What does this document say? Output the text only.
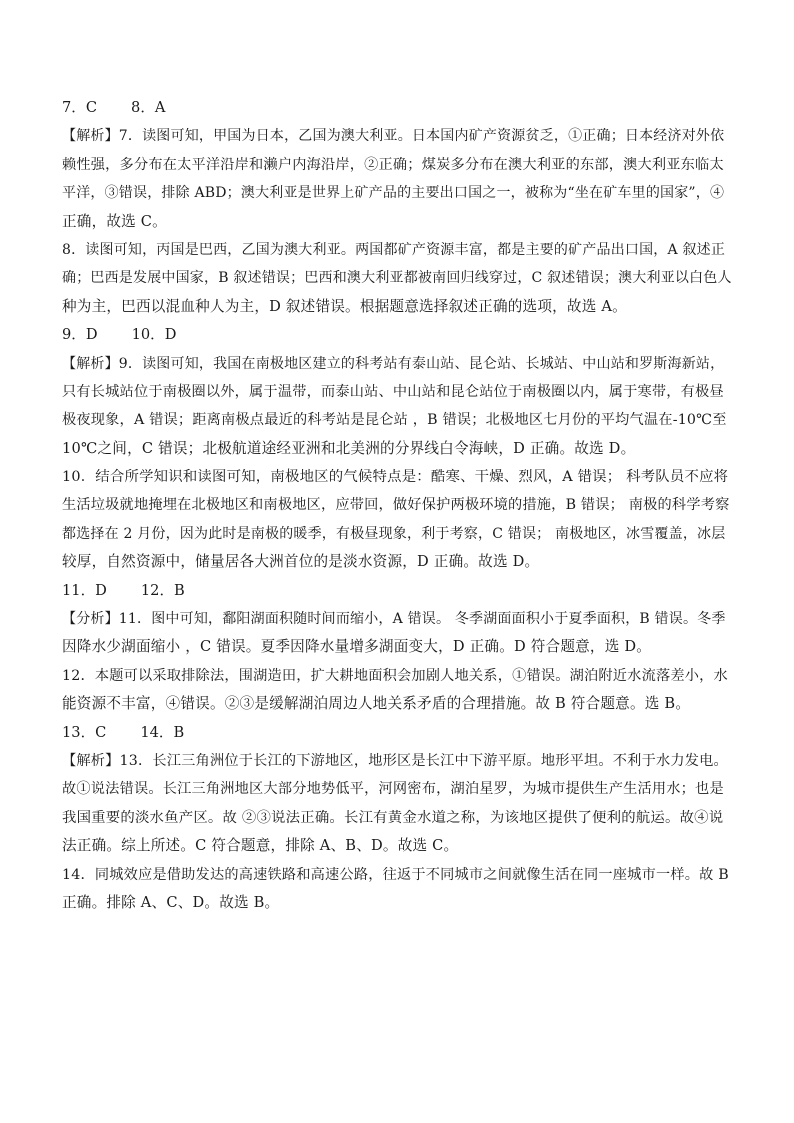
7．C 8．A
【解析】7．读图可知，甲国为日本，乙国为澳大利亚。日本国内矿产资源贫乏，①正确；日本经济对外依
赖性强，多分布在太平洋沿岸和濑户内海沿岸，②正确；煤炭多分布在澳大利亚的东部，澳大利亚东临太
平洋，③错误，排除 ABD；澳大利亚是世界上矿产品的主要出口国之一，被称为“坐在矿车里的国家”，④
正确，故选 C。
8．读图可知，丙国是巴西，乙国为澳大利亚。两国都矿产资源丰富，都是主要的矿产品出口国，A 叙述正
确；巴西是发展中国家，B 叙述错误；巴西和澳大利亚都被南回归线穿过，C 叙述错误；澳大利亚以白色人
种为主，巴西以混血种人为主，D 叙述错误。根据题意选择叙述正确的选项，故选 A。
9．D 10．D
【解析】9．读图可知，我国在南极地区建立的科考站有泰山站、昆仑站、长城站、中山站和罗斯海新站，
只有长城站位于南极圈以外，属于温带，而泰山站、中山站和昆仑站位于南极圈以内，属于寒带，有极昼
极夜现象，A 错误；距离南极点最近的科考站是昆仑站 ，B 错误；北极地区七月份的平均气温在-10℃至
10℃之间，C 错误；北极航道途经亚洲和北美洲的分界线白令海峡，D 正确。故选 D。
10．结合所学知识和读图可知，南极地区的气候特点是：酷寒、干燥、烈风，A 错误； 科考队员不应将
生活垃圾就地掩埋在北极地区和南极地区，应带回，做好保护两极环境的措施，B 错误； 南极的科学考察
都选择在 2 月份，因为此时是南极的暖季，有极昼现象，利于考察，C 错误； 南极地区，冰雪覆盖，冰层
较厚，自然资源中，储量居各大洲首位的是淡水资源，D 正确。故选 D。
11．D 12．B
【分析】11．图中可知，鄱阳湖面积随时间而缩小，A 错误。 冬季湖面面积小于夏季面积，B 错误。冬季
因降水少湖面缩小 ，C 错误。夏季因降水量增多湖面变大，D 正确。D 符合题意，选 D。
12．本题可以采取排除法，围湖造田，扩大耕地面积会加剧人地关系，①错误。湖泊附近水流落差小，水
能资源不丰富，④错误。②③是缓解湖泊周边人地关系矛盾的合理措施。故 B 符合题意。选 B。
13．C 14．B
【解析】13．长江三角洲位于长江的下游地区，地形区是长江中下游平原。地形平坦。不利于水力发电。
故①说法错误。长江三角洲地区大部分地势低平，河网密布，湖泊星罗，为城市提供生产生活用水；也是
我国重要的淡水鱼产区。故 ②③说法正确。长江有黄金水道之称，为该地区提供了便利的航运。故④说
法正确。综上所述。C 符合题意，排除 A、B、D。故选 C。
14．同城效应是借助发达的高速铁路和高速公路，往返于不同城市之间就像生活在同一座城市一样。故 B
正确。排除 A、C、D。故选 B。
